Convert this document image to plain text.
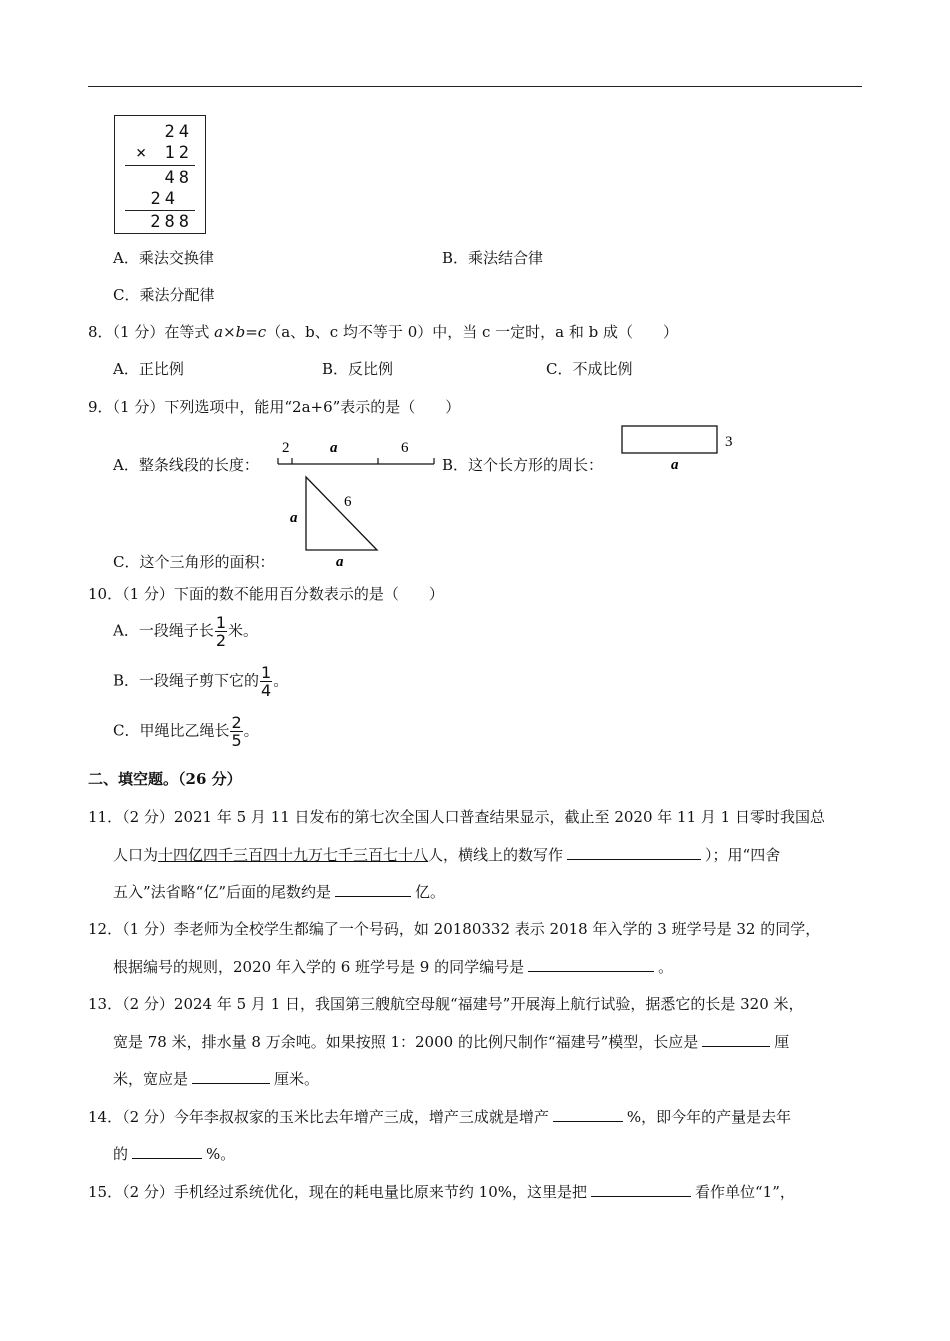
24
× 12
48
24
288
A．乘法交换律	B．乘法结合律
C．乘法分配律
8．（1 分）在等式 a×b=c（a、b、c 均不等于 0）中，当 c 一定时，a 和 b 成（　　）
A．正比例	B．反比例	C．不成比例
9．（1 分）下列选项中，能用“2a+6”表示的是（　　）
A．整条线段的长度：
2	a	6
B．这个长方形的周长：
3
a
a
6
a
C．这个三角形的面积：
10．（1 分）下面的数不能用百分数表示的是（　　）
A．一段绳子长 $\frac{1}{2}$ 米。
B．一段绳子剪下它的 $\frac{1}{4}$ 。
C．甲绳比乙绳长 $\frac{2}{5}$ 。
二、填空题。（26 分）
11．（2 分）2021 年 5 月 11 日发布的第七次全国人口普查结果显示，截止至 2020 年 11 月 1 日零时我国总
人口为十四亿四千三百四十九万七千三百七十八人，横线上的数写作	）；用“四舍
五入”法省略“亿”后面的尾数约是	亿。
12．（1 分）李老师为全校学生都编了一个号码，如 20180332 表示 2018 年入学的 3 班学号是 32 的同学，
根据编号的规则，2020 年入学的 6 班学号是 9 的同学编号是	。
13．（2 分）2024 年 5 月 1 日，我国第三艘航空母舰“福建号”开展海上航行试验，据悉它的长是 320 米，
宽是 78 米，排水量 8 万余吨。如果按照 1：2000 的比例尺制作“福建号”模型，长应是	厘
米，宽应是	厘米。
14．（2 分）今年李叔叔家的玉米比去年增产三成，增产三成就是增产	%，即今年的产量是去年
的	%。
15．（2 分）手机经过系统优化，现在的耗电量比原来节约 10%，这里是把	看作单位“1”，
